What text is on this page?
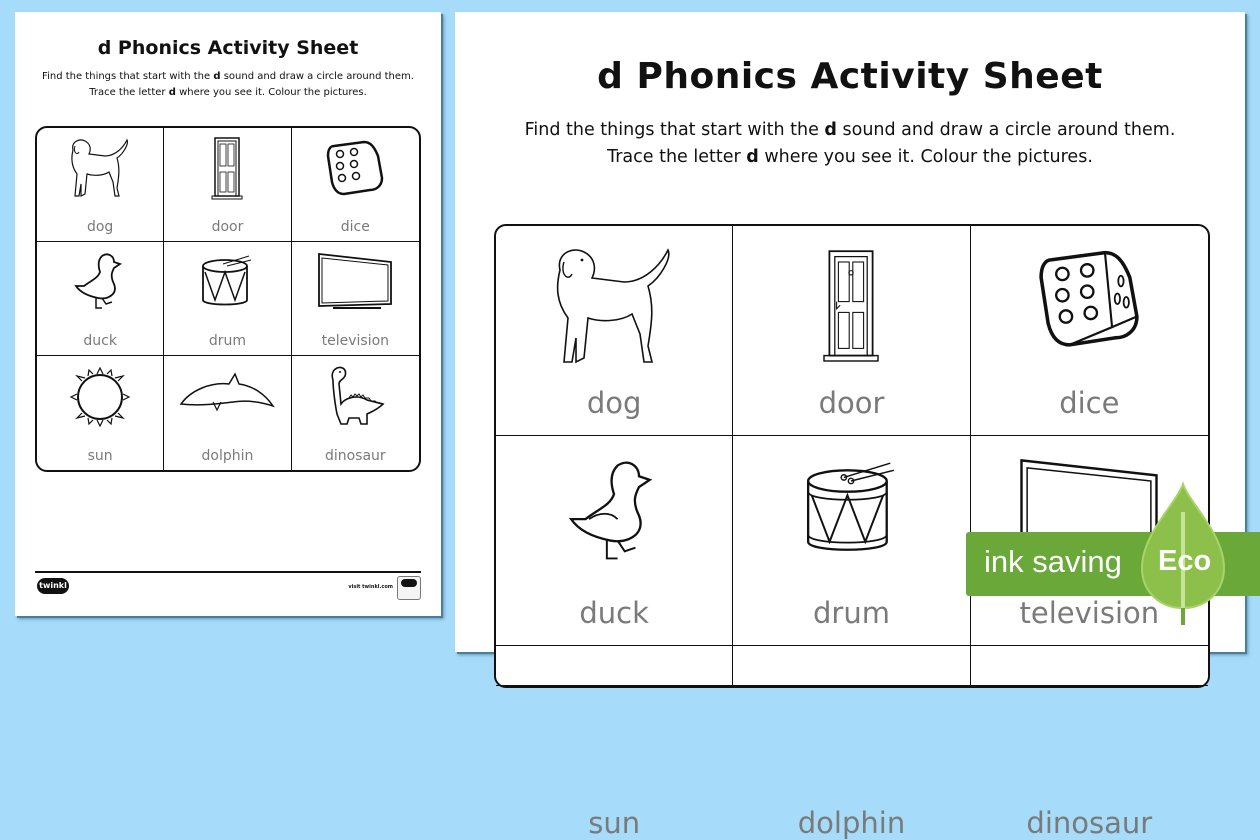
d Phonics Activity Sheet
Find the things that start with the d sound and draw a circle around them.
Trace the letter d where you see it. Colour the pictures.
dog	door	dice
duck	drum	television
sun	dolphin	dinosaur
twinkl	visit twinkl.com
d Phonics Activity Sheet
Find the things that start with the d sound and draw a circle around them.
Trace the letter d where you see it. Colour the pictures.
dog	door	dice
duck	drum	television
sun	dolphin	dinosaur
ink saving Eco
